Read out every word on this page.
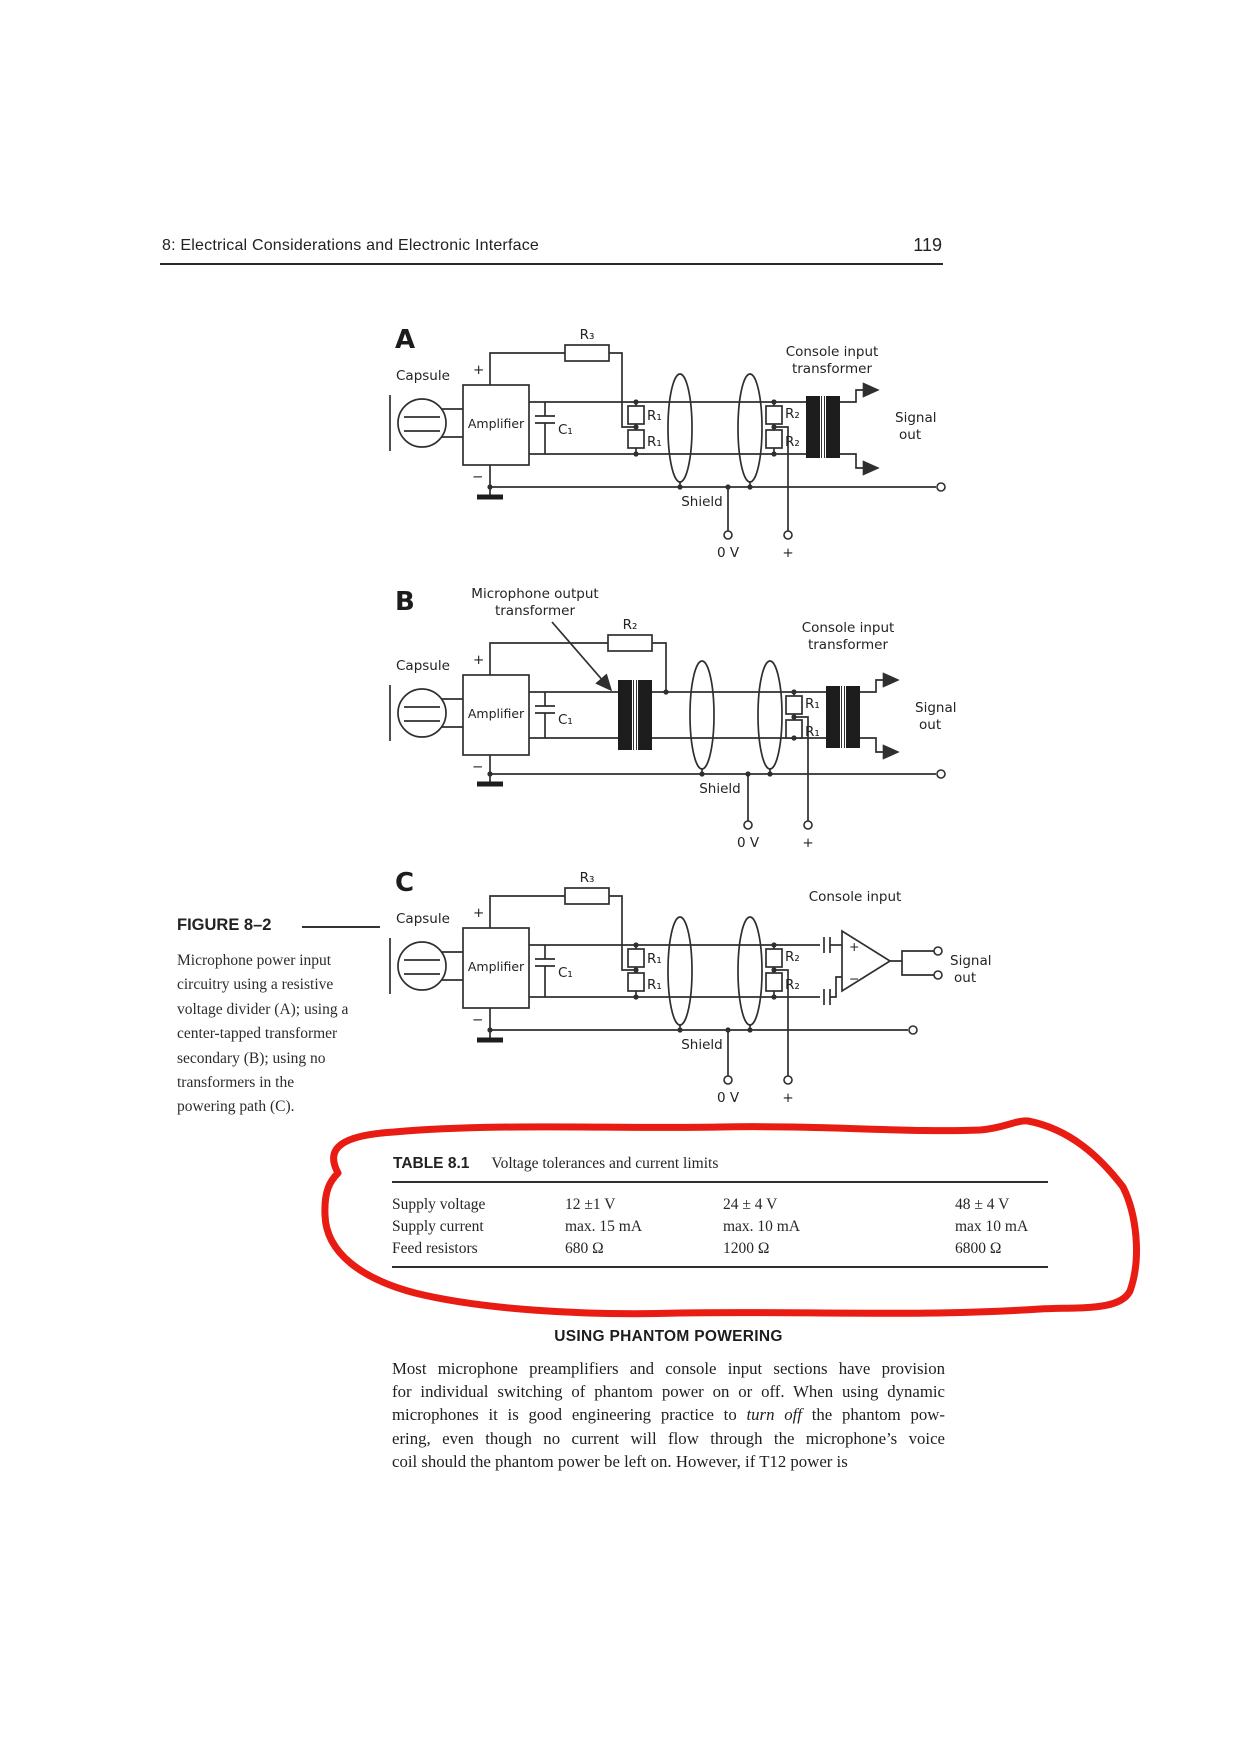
8: Electrical Considerations and Electronic Interface	119
A
Capsule
Amplifier
+
−
R₃
C₁
R₁
R₁
R₂
R₂
Console input
transformer
Signal
out
Shield
0 V	+
B	Microphone output
transformer
Capsule
Amplifier
+
−
R₂
C₁
R₁
R₁
Console input
transformer
Signal
out
Shield
0 V	+
C
Capsule
Amplifier
+
−
R₃
C₁
R₁
R₁
R₂
R₂
Console input
+
−
Signal
out
Shield
0 V	+
FIGURE 8–2
Microphone power input
circuitry using a resistive
voltage divider (A); using a
center-tapped transformer
secondary (B); using no
transformers in the
powering path (C).
TABLE 8.1 Voltage tolerances and current limits
Supply voltage	12 ±1 V	24 ± 4 V	48 ± 4 V
Supply current	max. 15 mA	max. 10 mA	max 10 mA
Feed resistors	680 Ω	1200 Ω	6800 Ω
USING PHANTOM POWERING
Most microphone preamplifiers and console input sections have provision
for individual switching of phantom power on or off. When using dynamic
microphones it is good engineering practice to turn off the phantom pow-
ering, even though no current will flow through the microphone’s voice
coil should the phantom power be left on. However, if T12 power is
